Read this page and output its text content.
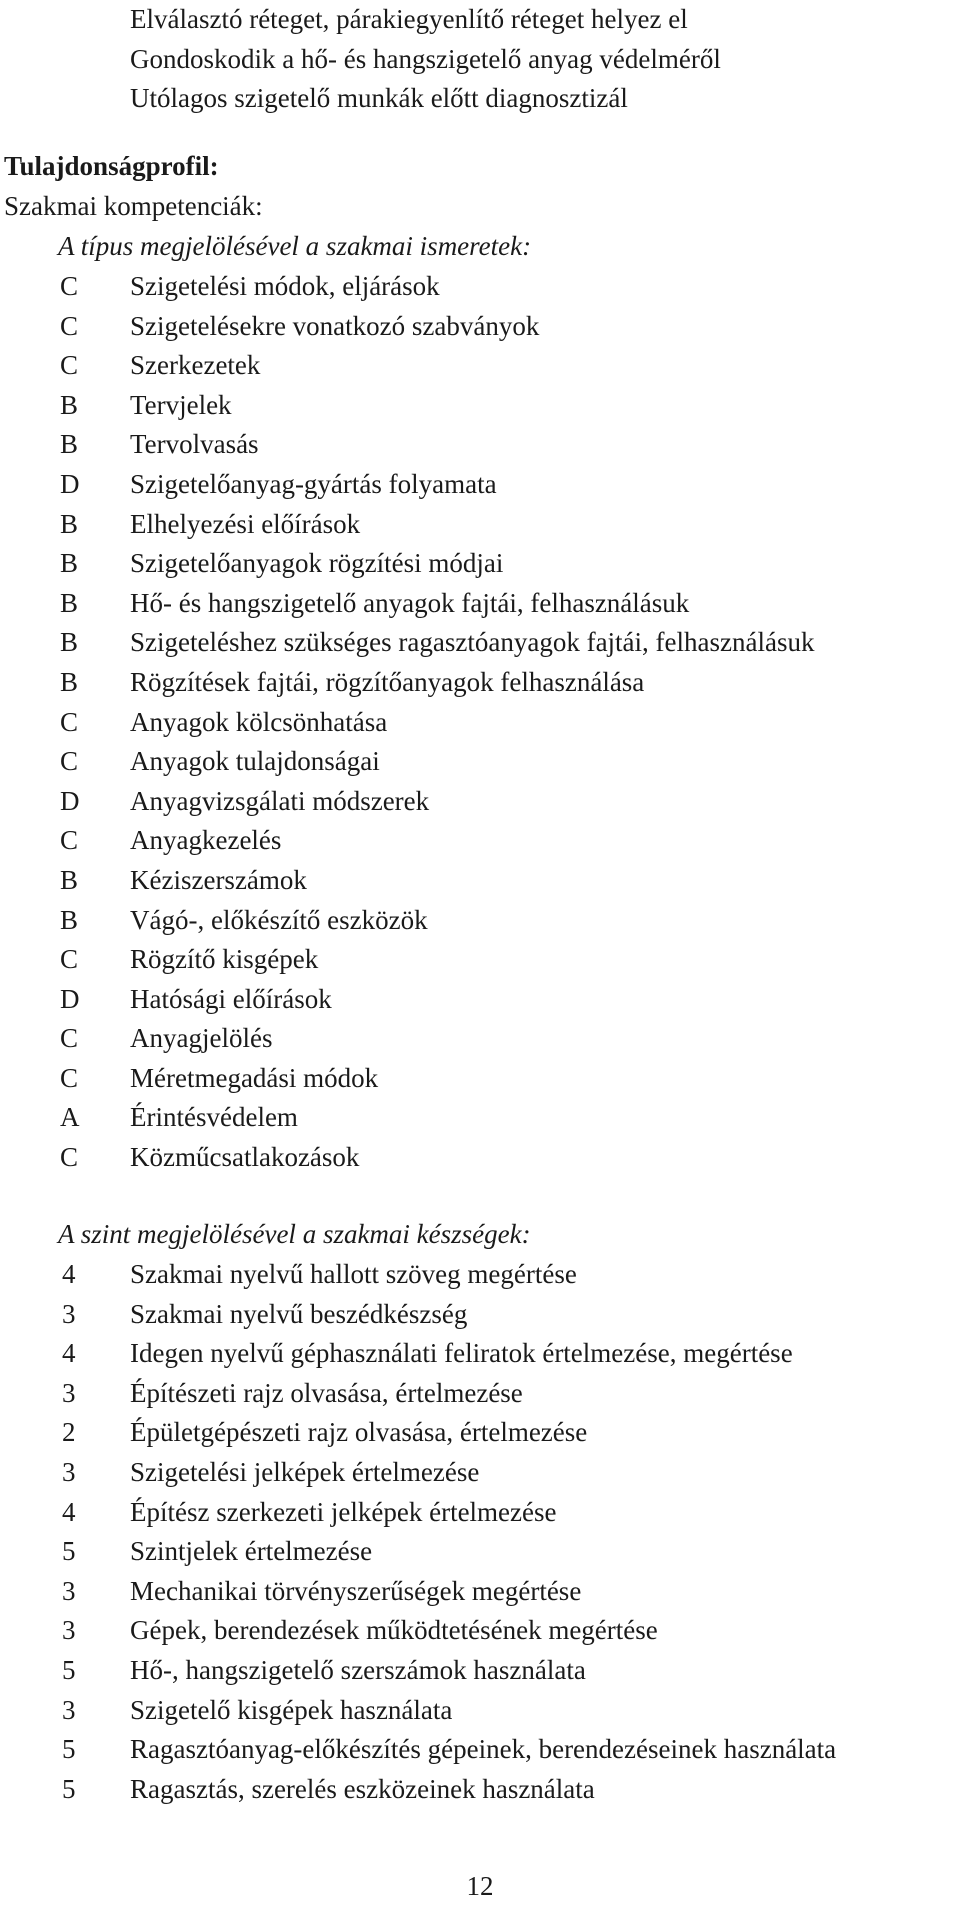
Elválasztó réteget, párakiegyenlítő réteget helyez el
Gondoskodik a hő- és hangszigetelő anyag védelméről
Utólagos szigetelő munkák előtt diagnosztizál
Tulajdonságprofil:
Szakmai kompetenciák:
A típus megjelölésével a szakmai ismeretek:
C	Szigetelési módok, eljárások
C	Szigetelésekre vonatkozó szabványok
C	Szerkezetek
B	Tervjelek
B	Tervolvasás
D	Szigetelőanyag-gyártás folyamata
B	Elhelyezési előírások
B	Szigetelőanyagok rögzítési módjai
B	Hő- és hangszigetelő anyagok fajtái, felhasználásuk
B	Szigeteléshez szükséges ragasztóanyagok fajtái, felhasználásuk
B	Rögzítések fajtái, rögzítőanyagok felhasználása
C	Anyagok kölcsönhatása
C	Anyagok tulajdonságai
D	Anyagvizsgálati módszerek
C	Anyagkezelés
B	Kéziszerszámok
B	Vágó-, előkészítő eszközök
C	Rögzítő kisgépek
D	Hatósági előírások
C	Anyagjelölés
C	Méretmegadási módok
A	Érintésvédelem
C	Közműcsatlakozások
A szint megjelölésével a szakmai készségek:
4 Szakmai nyelvű hallott szöveg megértése
3 Szakmai nyelvű beszédkészség
4 Idegen nyelvű géphasználati feliratok értelmezése, megértése
3 Építészeti rajz olvasása, értelmezése
2 Épületgépészeti rajz olvasása, értelmezése
3 Szigetelési jelképek értelmezése
4 Építész szerkezeti jelképek értelmezése
5 Szintjelek értelmezése
3 Mechanikai törvényszerűségek megértése
3 Gépek, berendezések működtetésének megértése
5 Hő-, hangszigetelő szerszámok használata
3 Szigetelő kisgépek használata
5 Ragasztóanyag-előkészítés gépeinek, berendezéseinek használata
5 Ragasztás, szerelés eszközeinek használata
12
